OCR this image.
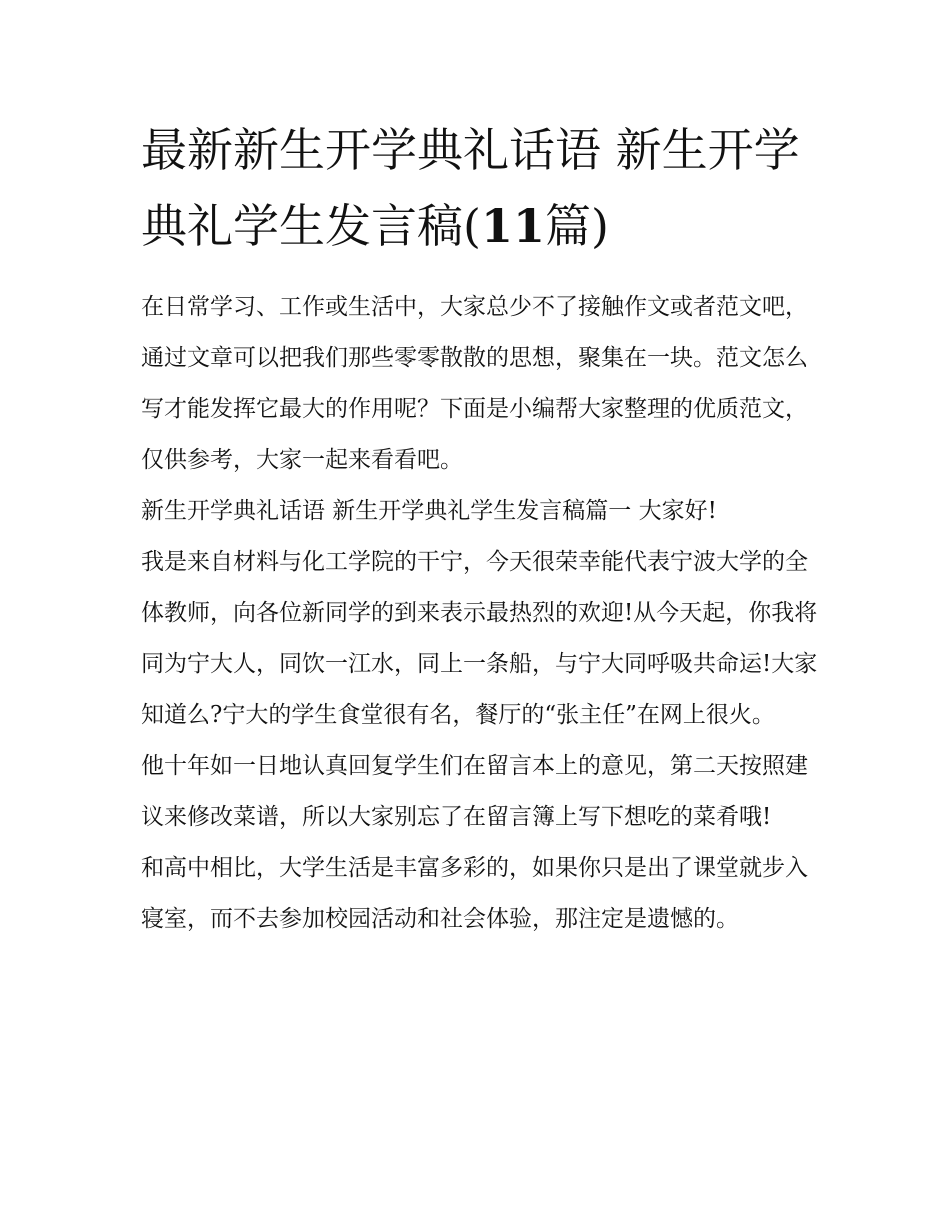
最新新生开学典礼话语 新生开学典礼学生发言稿(11篇)

在日常学习、工作或生活中，大家总少不了接触作文或者范文吧，通过文章可以把我们那些零零散散的思想，聚集在一块。范文怎么写才能发挥它最大的作用呢？下面是小编帮大家整理的优质范文，仅供参考，大家一起来看看吧。

新生开学典礼话语 新生开学典礼学生发言稿篇一 大家好!

我是来自材料与化工学院的干宁，今天很荣幸能代表宁波大学的全体教师，向各位新同学的到来表示最热烈的欢迎!从今天起，你我将同为宁大人，同饮一江水，同上一条船，与宁大同呼吸共命运!大家知道么?宁大的学生食堂很有名，餐厅的“张主任”在网上很火。

他十年如一日地认真回复学生们在留言本上的意见，第二天按照建议来修改菜谱，所以大家别忘了在留言簿上写下想吃的菜肴哦!

和高中相比，大学生活是丰富多彩的，如果你只是出了课堂就步入寝室，而不去参加校园活动和社会体验，那注定是遗憾的。
